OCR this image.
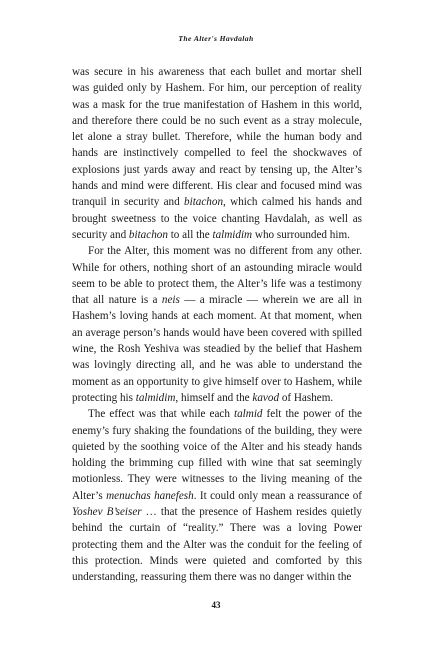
The Alter's Havdalah

was secure in his awareness that each bullet and mortar shell was guided only by Hashem. For him, our perception of reality was a mask for the true manifestation of Hashem in this world, and therefore there could be no such event as a stray molecule, let alone a stray bullet. Therefore, while the human body and hands are instinctively compelled to feel the shockwaves of explosions just yards away and react by tensing up, the Alter’s hands and mind were different. His clear and focused mind was tranquil in security and bitachon, which calmed his hands and brought sweetness to the voice chanting Havdalah, as well as security and bitachon to all the talmidim who surrounded him.

For the Alter, this moment was no different from any other. While for others, nothing short of an astounding miracle would seem to be able to protect them, the Alter’s life was a testimony that all nature is a neis — a miracle — wherein we are all in Hashem’s loving hands at each moment. At that moment, when an average person’s hands would have been covered with spilled wine, the Rosh Yeshiva was steadied by the belief that Hashem was lovingly directing all, and he was able to understand the moment as an opportunity to give himself over to Hashem, while protecting his talmidim, himself and the kavod of Hashem.

The effect was that while each talmid felt the power of the enemy’s fury shaking the foundations of the building, they were quieted by the soothing voice of the Alter and his steady hands holding the brimming cup filled with wine that sat seemingly motionless. They were witnesses to the living meaning of the Alter’s menuchas hanefesh. It could only mean a reassurance of Yoshev B’seiser … that the presence of Hashem resides quietly behind the curtain of “reality.” There was a loving Power protecting them and the Alter was the conduit for the feeling of this protection. Minds were quieted and comforted by this understanding, reassuring them there was no danger within the

43
